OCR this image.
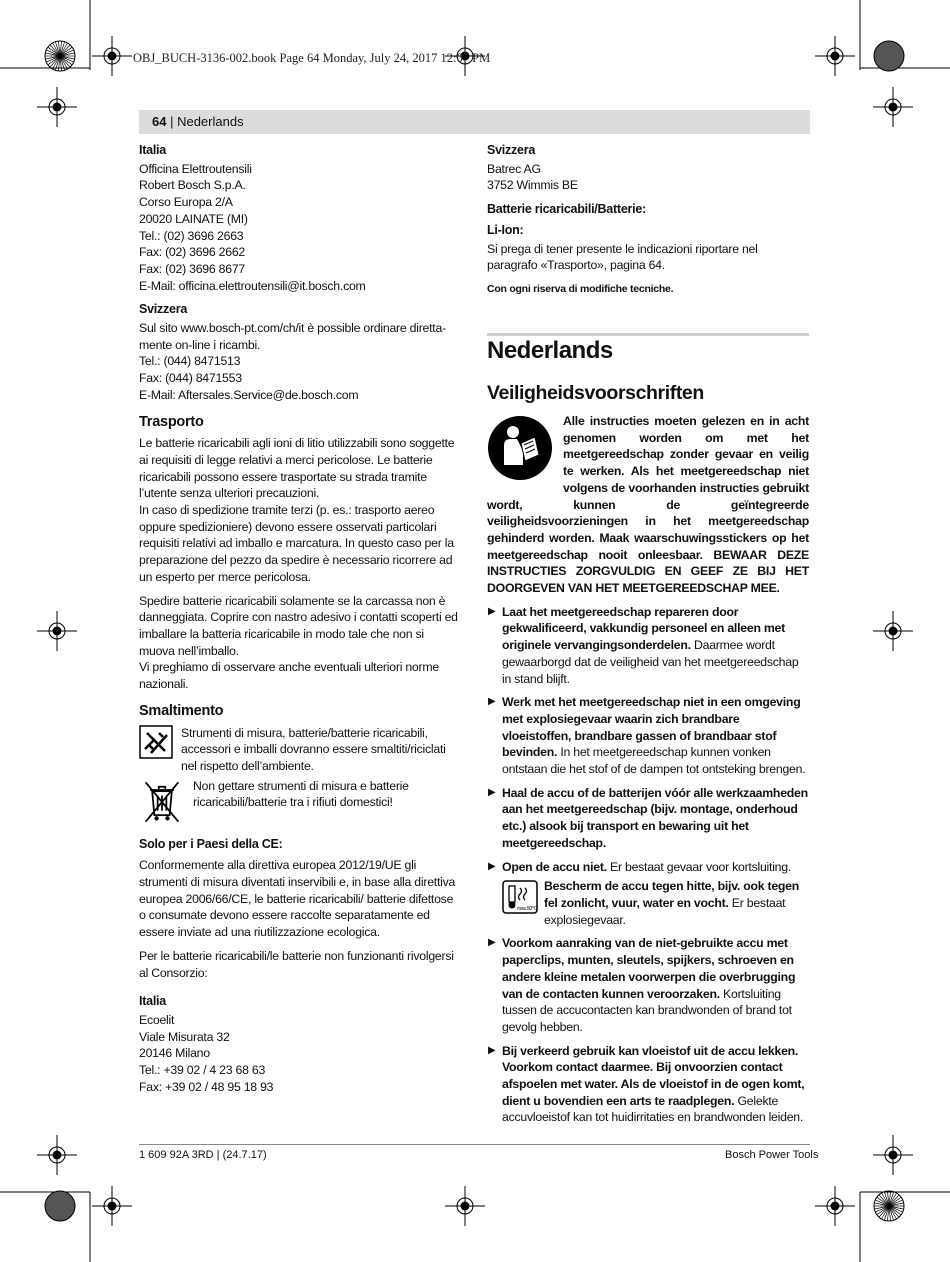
OBJ_BUCH-3136-002.book Page 64 Monday, July 24, 2017 12:07 PM
64 | Nederlands
Italia
Officina Elettroutensili
Robert Bosch S.p.A.
Corso Europa 2/A
20020 LAINATE (MI)
Tel.: (02) 3696 2663
Fax: (02) 3696 2662
Fax: (02) 3696 8677
E-Mail: officina.elettroutensili@it.bosch.com
Svizzera
Sul sito www.bosch-pt.com/ch/it è possible ordinare diretta-
mente on-line i ricambi.
Tel.: (044) 8471513
Fax: (044) 8471553
E-Mail: Aftersales.Service@de.bosch.com
Trasporto

Le batterie ricaricabili agli ioni di litio utilizzabili sono soggette ai requisiti di legge relativi a merci pericolose. Le batterie ricaricabili possono essere trasportate su strada tramite l’utente senza ulteriori precauzioni.

In caso di spedizione tramite terzi (p. es.: trasporto aereo oppure spedizioniere) devono essere osservati particolari requisiti relativi ad imballo e marcatura. In questo caso per la preparazione del pezzo da spedire è necessario ricorrere ad un esperto per merce pericolosa.

Spedire batterie ricaricabili solamente se la carcassa non è danneggiata. Coprire con nastro adesivo i contatti scoperti ed imballare la batteria ricaricabile in modo tale che non si muova nell’imballo.

Vi preghiamo di osservare anche eventuali ulteriori norme nazionali.

Smaltimento
Strumenti di misura, batterie/batterie ricaricabili, accessori e imballi dovranno essere smaltiti/riciclati nel rispetto dell’ambiente.
Non gettare strumenti di misura e batterie ricaricabili/batterie tra i rifiuti domestici!
Solo per i Paesi della CE:

Conformemente alla direttiva europea 2012/19/UE gli strumenti di misura diventati inservibili e, in base alla direttiva europea 2006/66/CE, le batterie ricaricabili/ batterie difettose o consumate devono essere raccolte separatamente ed essere inviate ad una riutilizzazione ecologica.

Per le batterie ricaricabili/le batterie non funzionanti rivolgersi al Consorzio:

Italia
Ecoelit
Viale Misurata 32
20146 Milano
Tel.: +39 02 / 4 23 68 63
Fax: +39 02 / 48 95 18 93
Svizzera
Batrec AG
3752 Wimmis BE
Batterie ricaricabili/Batterie:
Li-Ion:

Si prega di tener presente le indicazioni riportare nel paragrafo «Trasporto», pagina 64.

Con ogni riserva di modifiche tecniche.

Nederlands
Veiligheidsvoorschriften

Alle instructies moeten gelezen en in acht genomen worden om met het meetgereedschap zonder gevaar en veilig te werken. Als het meetgereedschap niet volgens de voorhanden instructies gebruikt wordt, kunnen de geïntegreerde veiligheidsvoorzieningen in het meetgereedschap gehinderd worden. Maak waarschuwingsstickers op het meetgereedschap nooit onleesbaar. BEWAAR DEZE INSTRUCTIES ZORGVULDIG EN GEEF ZE BIJ HET DOORGEVEN VAN HET MEETGEREEDSCHAP MEE.

▶ Laat het meetgereedschap repareren door gekwalificeerd, vakkundig personeel en alleen met originele vervangingsonderdelen. Daarmee wordt gewaarborgd dat de veiligheid van het meetgereedschap in stand blijft.
▶ Werk met het meetgereedschap niet in een omgeving met explosiegevaar waarin zich brandbare vloeistoffen, brandbare gassen of brandbaar stof bevinden. In het meetgereedschap kunnen vonken ontstaan die het stof of de dampen tot ontsteking brengen.
▶ Haal de accu of de batterijen vóór alle werkzaamheden aan het meetgereedschap (bijv. montage, onderhoud etc.) alsook bij transport en bewaring uit het meetgereedschap.
▶ Open de accu niet. Er bestaat gevaar voor kortsluiting.
max.50°C
Bescherm de accu tegen hitte, bijv. ook tegen fel zonlicht, vuur, water en vocht. Er bestaat explosiegevaar.
▶ Voorkom aanraking van de niet-gebruikte accu met paperclips, munten, sleutels, spijkers, schroeven en andere kleine metalen voorwerpen die overbrugging van de contacten kunnen veroorzaken. Kortsluiting tussen de accucontacten kan brandwonden of brand tot gevolg hebben.
▶ Bij verkeerd gebruik kan vloeistof uit de accu lekken. Voorkom contact daarmee. Bij onvoorzien contact afspoelen met water. Als de vloeistof in de ogen komt, dient u bovendien een arts te raadplegen. Gelekte accuvloeistof kan tot huidirritaties en brandwonden leiden.
1 609 92A 3RD | (24.7.17)	Bosch Power Tools
